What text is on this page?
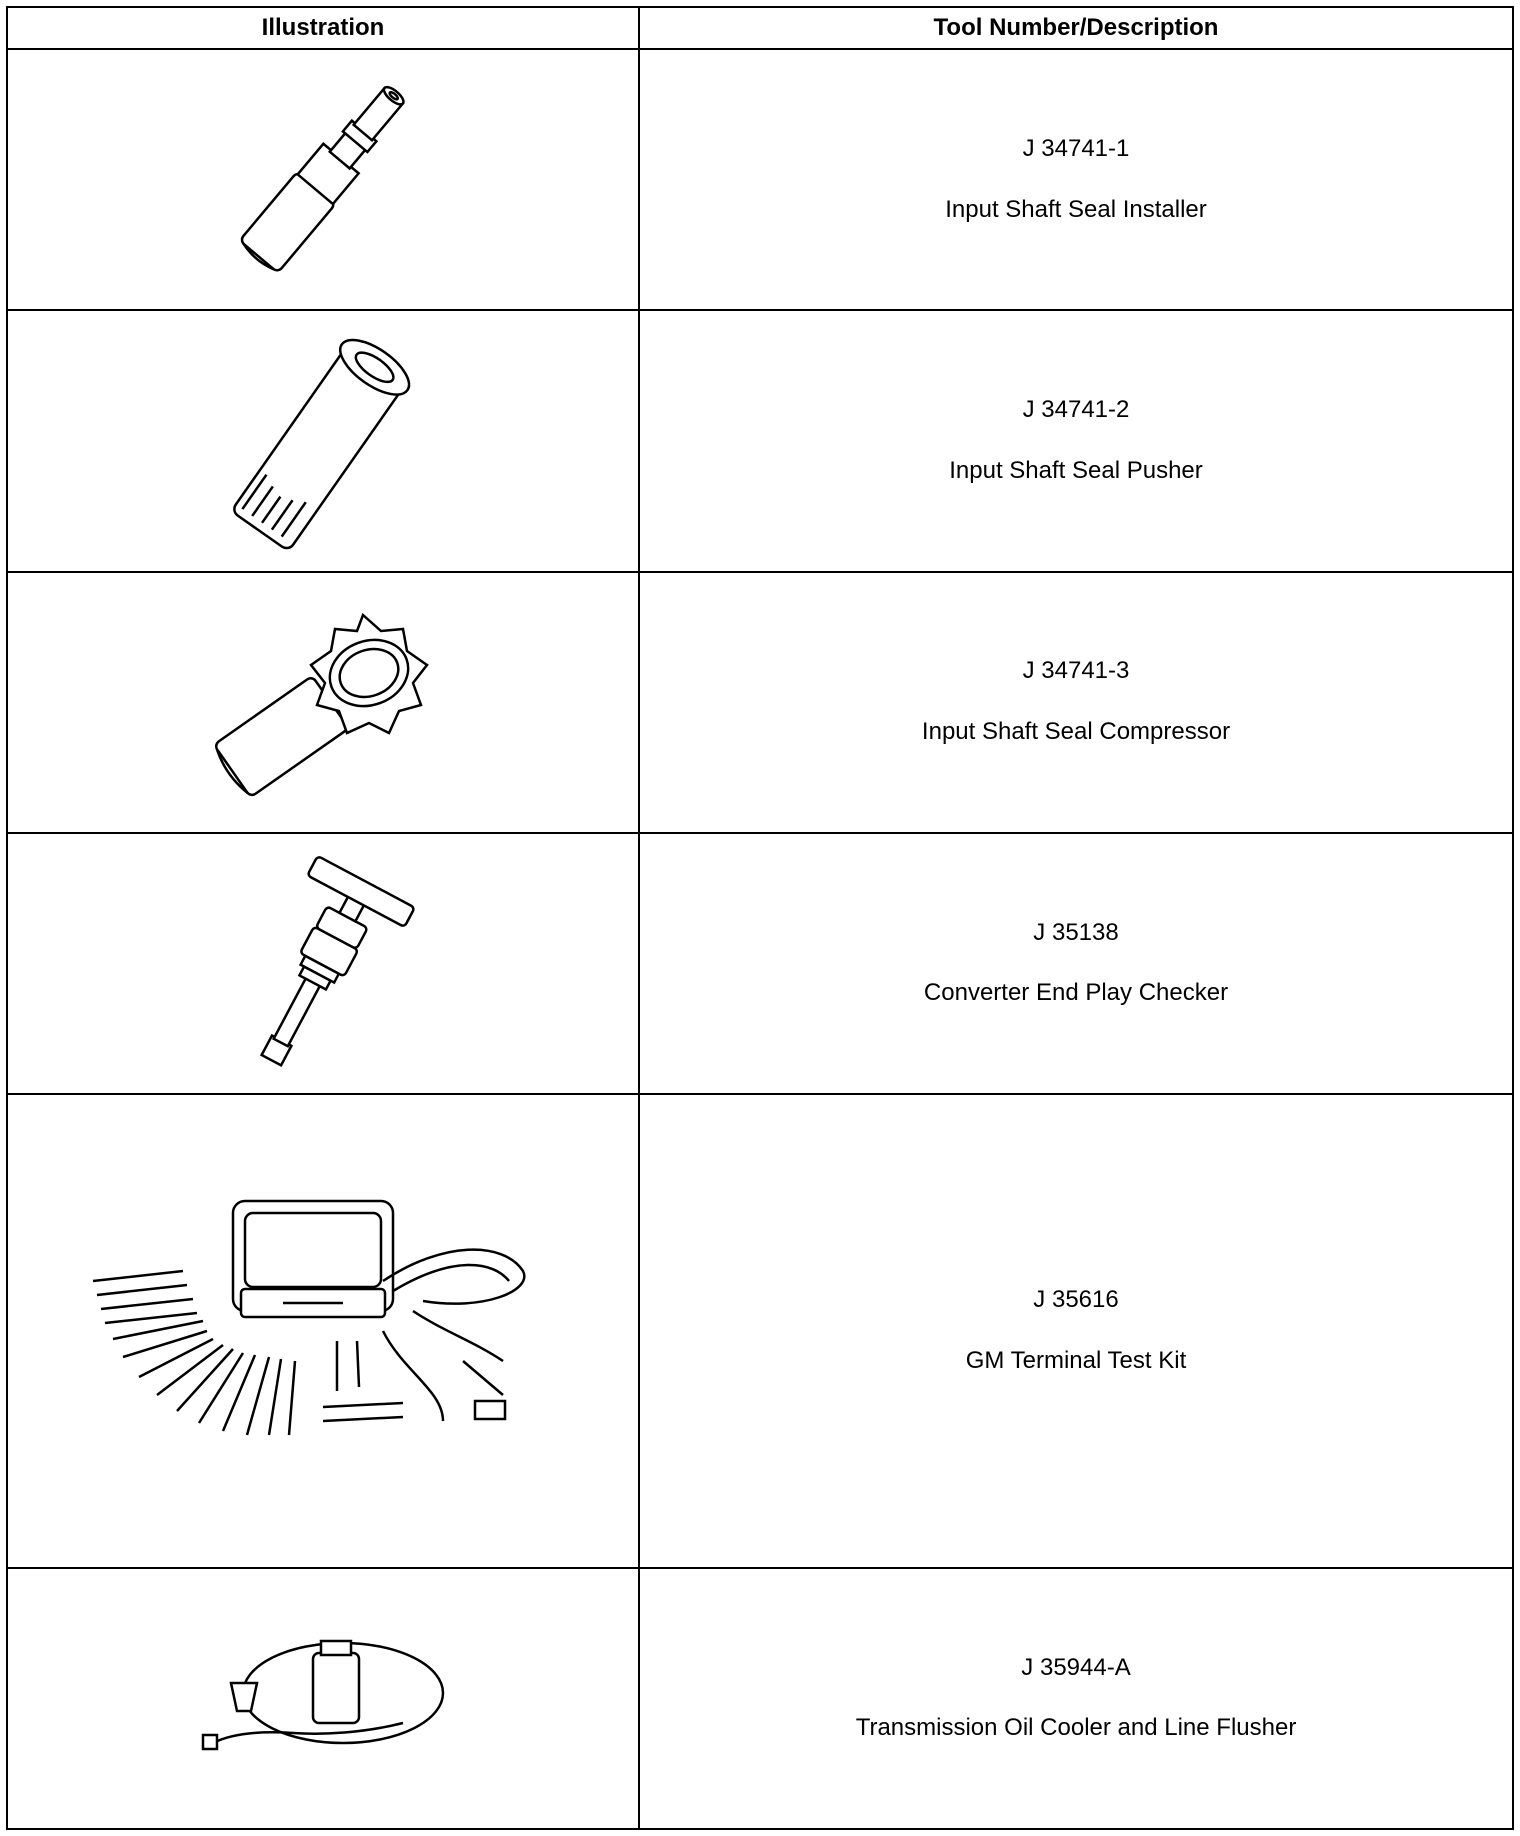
Illustration	Tool Number/Description

J 34741-1
Input Shaft Seal Installer

J 34741-2
Input Shaft Seal Pusher

J 34741-3
Input Shaft Seal Compressor

J 35138
Converter End Play Checker

J 35616
GM Terminal Test Kit

J 35944-A
Transmission Oil Cooler and Line Flusher
